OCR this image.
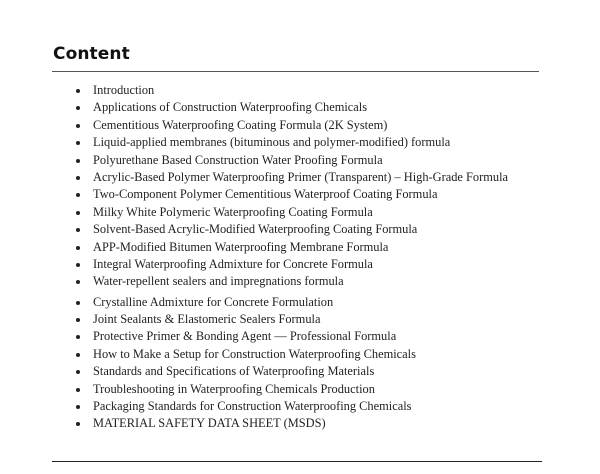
Content
Introduction
Applications of Construction Waterproofing Chemicals
Cementitious Waterproofing Coating Formula (2K System)
Liquid-applied membranes (bituminous and polymer-modified) formula
Polyurethane Based Construction Water Proofing Formula
Acrylic-Based Polymer Waterproofing Primer (Transparent) – High-Grade Formula
Two-Component Polymer Cementitious Waterproof Coating Formula
Milky White Polymeric Waterproofing Coating Formula
Solvent-Based Acrylic-Modified Waterproofing Coating Formula
APP-Modified Bitumen Waterproofing Membrane Formula
Integral Waterproofing Admixture for Concrete Formula
Water-repellent sealers and impregnations formula
Crystalline Admixture for Concrete Formulation
Joint Sealants & Elastomeric Sealers Formula
Protective Primer & Bonding Agent — Professional Formula
How to Make a Setup for Construction Waterproofing Chemicals
Standards and Specifications of Waterproofing Materials
Troubleshooting in Waterproofing Chemicals Production
Packaging Standards for Construction Waterproofing Chemicals
MATERIAL SAFETY DATA SHEET (MSDS)
